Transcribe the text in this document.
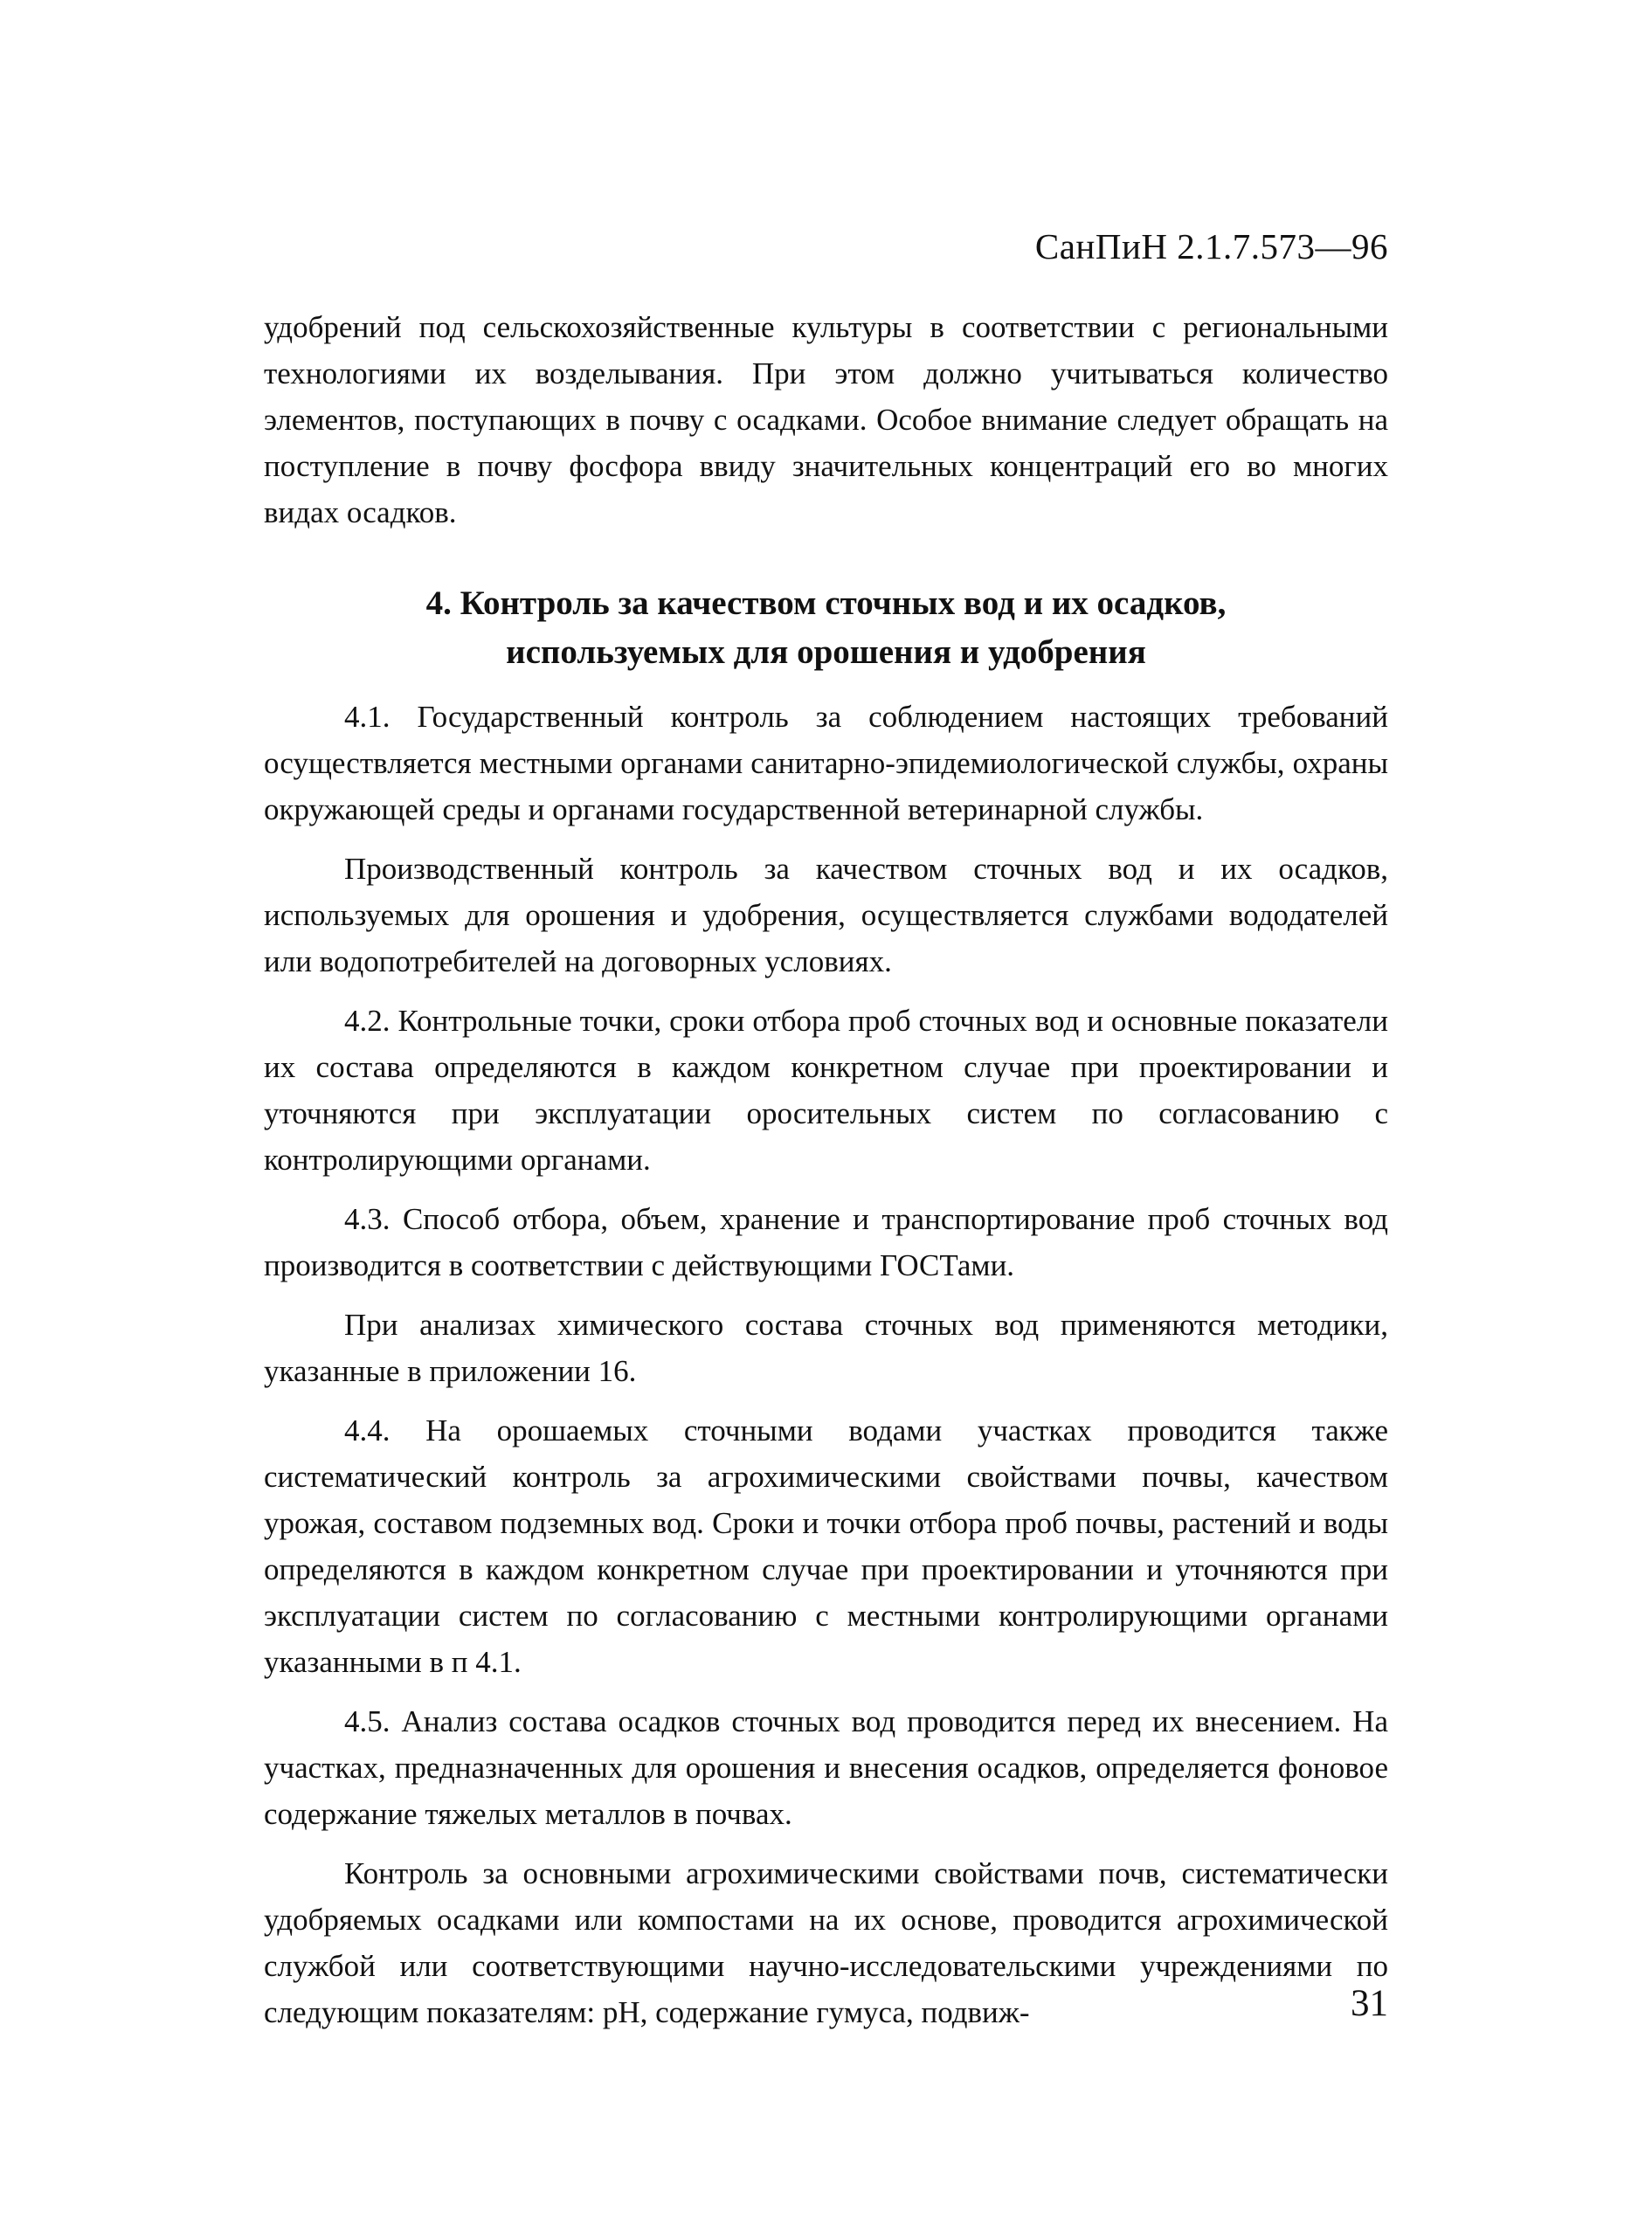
СанПиН 2.1.7.573—96

удобрений под сельскохозяйственные культуры в соответствии с региональными технологиями их возделывания. При этом должно учитываться количество элементов, поступающих в почву с осадками. Особое внимание следует обращать на поступление в почву фосфора ввиду значительных концентраций его во многих видах осадков.

4. Контроль за качеством сточных вод и их осадков,
используемых для орошения и удобрения

4.1. Государственный контроль за соблюдением настоящих требований осуществляется местными органами санитарно-эпидемиологической службы, охраны окружающей среды и органами государственной ветеринарной службы.

Производственный контроль за качеством сточных вод и их осадков, используемых для орошения и удобрения, осуществляется службами вододателей или водопотребителей на договорных условиях.

4.2. Контрольные точки, сроки отбора проб сточных вод и основные показатели их состава определяются в каждом конкретном случае при проектировании и уточняются при эксплуатации оросительных систем по согласованию с контролирующими органами.

4.3. Способ отбора, объем, хранение и транспортирование проб сточных вод производится в соответствии с действующими ГОСТами.

При анализах химического состава сточных вод применяются методики, указанные в приложении 16.

4.4. На орошаемых сточными водами участках проводится также систематический контроль за агрохимическими свойствами почвы, качеством урожая, составом подземных вод. Сроки и точки отбора проб почвы, растений и воды определяются в каждом конкретном случае при проектировании и уточняются при эксплуатации систем по согласованию с местными контролирующими органами указанными в п 4.1.

4.5. Анализ состава осадков сточных вод проводится перед их внесением. На участках, предназначенных для орошения и внесения осадков, определяется фоновое содержание тяжелых металлов в почвах.

Контроль за основными агрохимическими свойствами почв, систематически удобряемых осадками или компостами на их основе, проводится агрохимической службой или соответствующими научно-исследовательскими учреждениями по следующим показателям: рН, содержание гумуса, подвиж-	31
